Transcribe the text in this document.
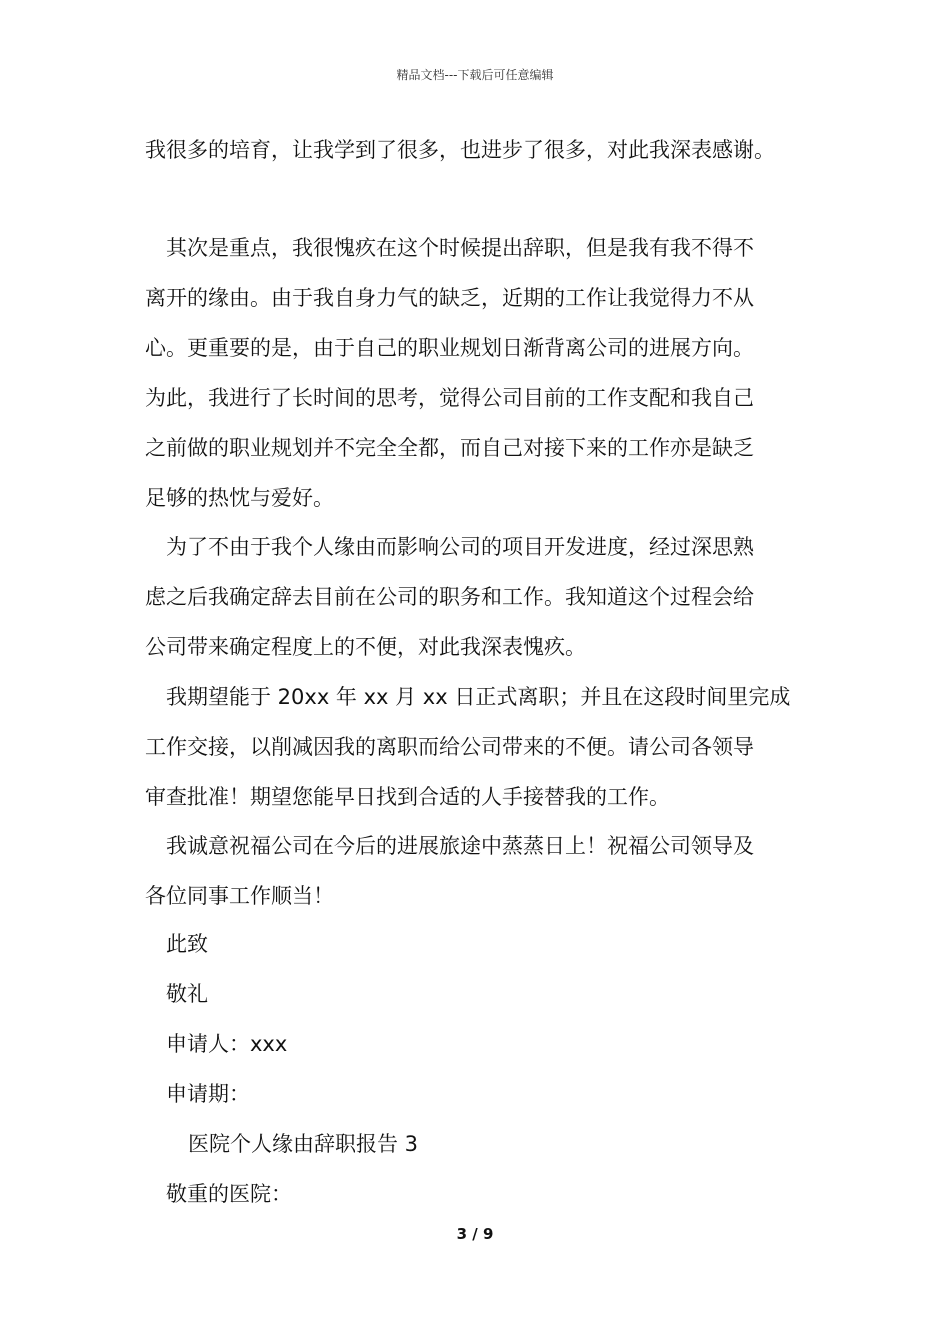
精品文档---下载后可任意编辑
我很多的培育，让我学到了很多，也进步了很多，对此我深表感谢。
其次是重点，我很愧疚在这个时候提出辞职，但是我有我不得不
离开的缘由。由于我自身力气的缺乏，近期的工作让我觉得力不从
心。更重要的是，由于自己的职业规划日渐背离公司的进展方向。
为此，我进行了长时间的思考，觉得公司目前的工作支配和我自己
之前做的职业规划并不完全全都，而自己对接下来的工作亦是缺乏
足够的热忱与爱好。
为了不由于我个人缘由而影响公司的项目开发进度，经过深思熟
虑之后我确定辞去目前在公司的职务和工作。我知道这个过程会给
公司带来确定程度上的不便，对此我深表愧疚。
我期望能于 20xx 年 xx 月 xx 日正式离职；并且在这段时间里完成
工作交接，以削减因我的离职而给公司带来的不便。请公司各领导
审查批准！期望您能早日找到合适的人手接替我的工作。
我诚意祝福公司在今后的进展旅途中蒸蒸日上！祝福公司领导及
各位同事工作顺当！
此致
敬礼
申请人：xxx
申请期：
医院个人缘由辞职报告 3
敬重的医院：
3 / 9
